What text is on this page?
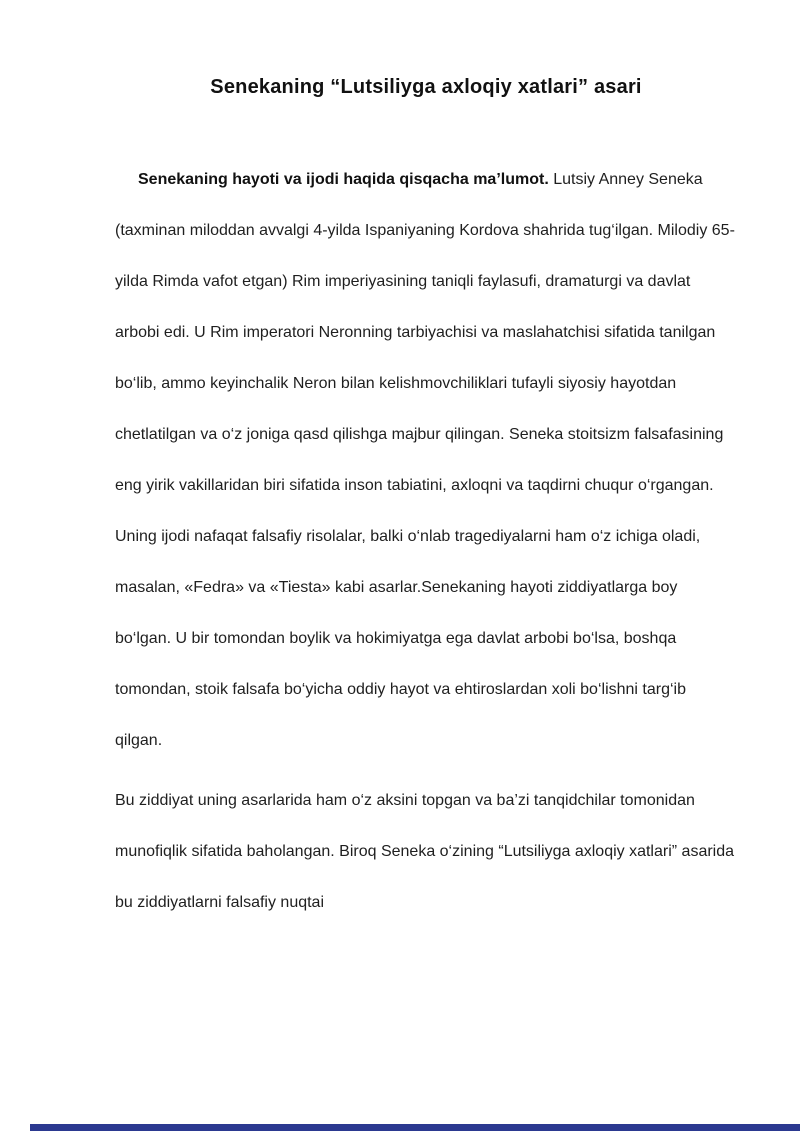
Senekaning “Lutsiliyga axloqiy xatlari” asari

Senekaning hayoti va ijodi haqida qisqacha ma’lumot. Lutsiy Anney Seneka (taxminan miloddan avvalgi 4-yilda Ispaniyaning Kordova shahrida tug‘ilgan. Milodiy 65-yilda Rimda vafot etgan) Rim imperiyasining taniqli faylasufi, dramaturgi va davlat arbobi edi. U Rim imperatori Neronning tarbiyachisi va maslahatchisi sifatida tanilgan bo‘lib, ammo keyinchalik Neron bilan kelishmovchiliklari tufayli siyosiy hayotdan chetlatilgan va o‘z joniga qasd qilishga majbur qilingan. Seneka stoitsizm falsafasining eng yirik vakillaridan biri sifatida inson tabiatini, axloqni va taqdirni chuqur o‘rgangan. Uning ijodi nafaqat falsafiy risolalar, balki o‘nlab tragediyalarni ham o‘z ichiga oladi, masalan, «Fedra» va «Tiesta» kabi asarlar.Senekaning hayoti ziddiyatlarga boy bo‘lgan. U bir tomondan boylik va hokimiyatga ega davlat arbobi bo‘lsa, boshqa tomondan, stoik falsafa bo‘yicha oddiy hayot va ehtiroslardan xoli bo‘lishni targ‘ib qilgan.

Bu ziddiyat uning asarlarida ham o‘z aksini topgan va ba’zi tanqidchilar tomonidan munofiqlik sifatida baholangan. Biroq Seneka o‘zining “Lutsiliyga axloqiy xatlari” asarida bu ziddiyatlarni falsafiy nuqtai
